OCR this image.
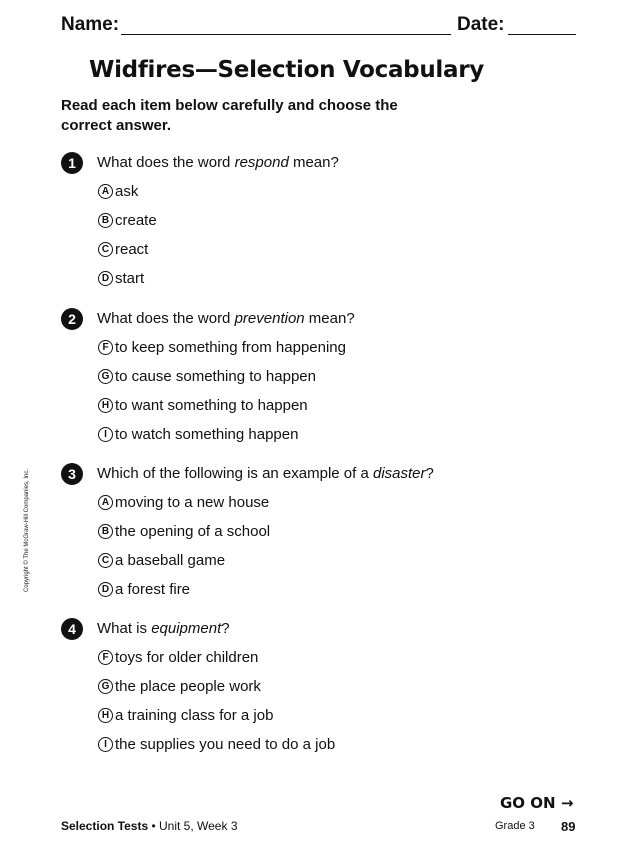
Name:	Date:
Widfires—Selection Vocabulary
Read each item below carefully and choose the correct answer.
1	What does the word respond mean?
A ask
B create
C react
D start
2	What does the word prevention mean?
F to keep something from happening
G to cause something to happen
H to want something to happen
I to watch something happen
3	Which of the following is an example of a disaster?
A moving to a new house
B the opening of a school
C a baseball game
D a forest fire
4	What is equipment?
F toys for older children
G the place people work
H a training class for a job
I the supplies you need to do a job
Copyright © The McGraw-Hill Companies, Inc.
GO ON →
Selection Tests • Unit 5, Week 3	Grade 3 89
